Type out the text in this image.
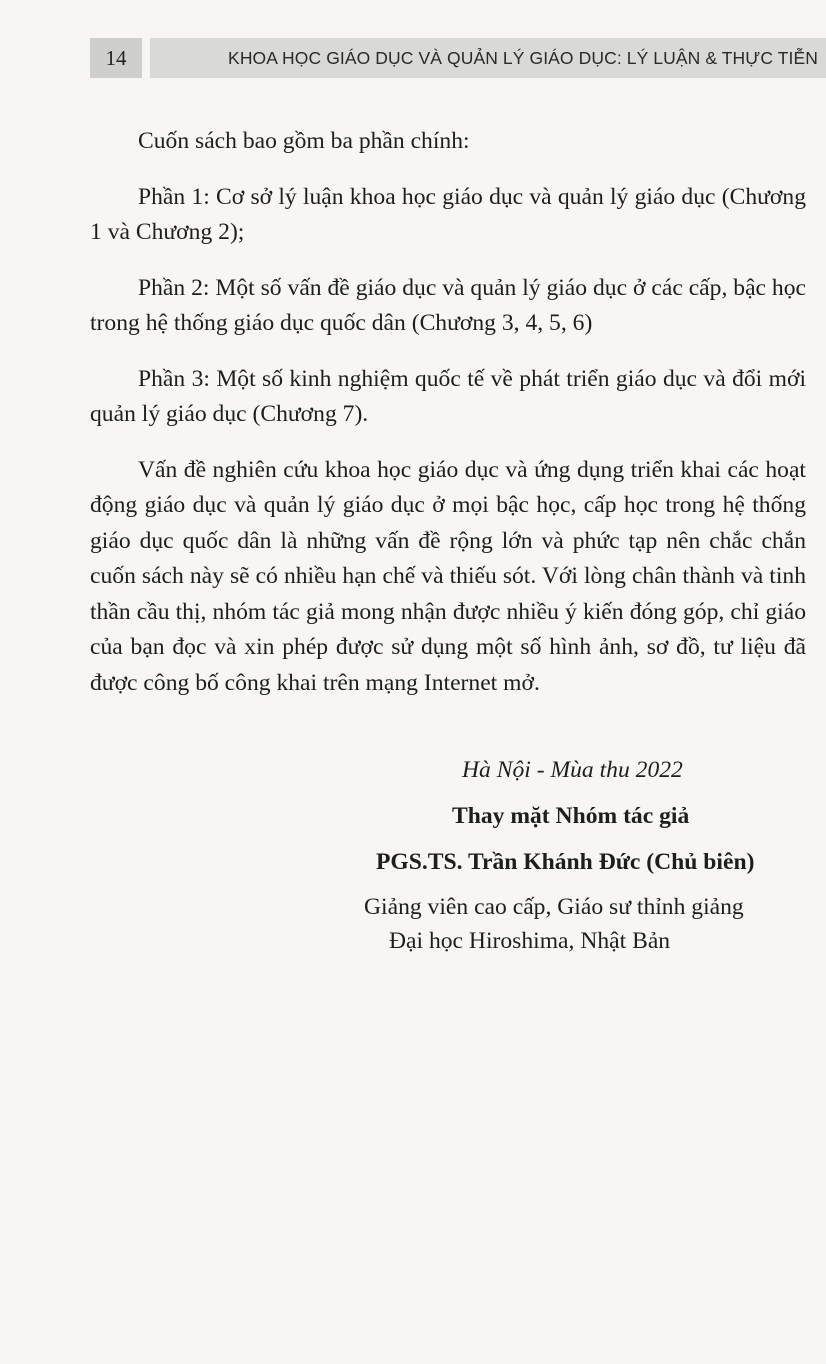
14	KHOA HỌC GIÁO DỤC VÀ QUẢN LÝ GIÁO DỤC: LÝ LUẬN & THỰC TIỄN

Cuốn sách bao gồm ba phần chính:

Phần 1: Cơ sở lý luận khoa học giáo dục và quản lý giáo dục (Chương 1 và Chương 2);

Phần 2: Một số vấn đề giáo dục và quản lý giáo dục ở các cấp, bậc học trong hệ thống giáo dục quốc dân (Chương 3, 4, 5, 6)

Phần 3: Một số kinh nghiệm quốc tế về phát triển giáo dục và đổi mới quản lý giáo dục (Chương 7).

Vấn đề nghiên cứu khoa học giáo dục và ứng dụng triển khai các hoạt động giáo dục và quản lý giáo dục ở mọi bậc học, cấp học trong hệ thống giáo dục quốc dân là những vấn đề rộng lớn và phức tạp nên chắc chắn cuốn sách này sẽ có nhiều hạn chế và thiếu sót. Với lòng chân thành và tinh thần cầu thị, nhóm tác giả mong nhận được nhiều ý kiến đóng góp, chỉ giáo của bạn đọc và xin phép được sử dụng một số hình ảnh, sơ đồ, tư liệu đã được công bố công khai trên mạng Internet mở.

Hà Nội - Mùa thu 2022
Thay mặt Nhóm tác giả
PGS.TS. Trần Khánh Đức (Chủ biên)
Giảng viên cao cấp, Giáo sư thỉnh giảng
Đại học Hiroshima, Nhật Bản
